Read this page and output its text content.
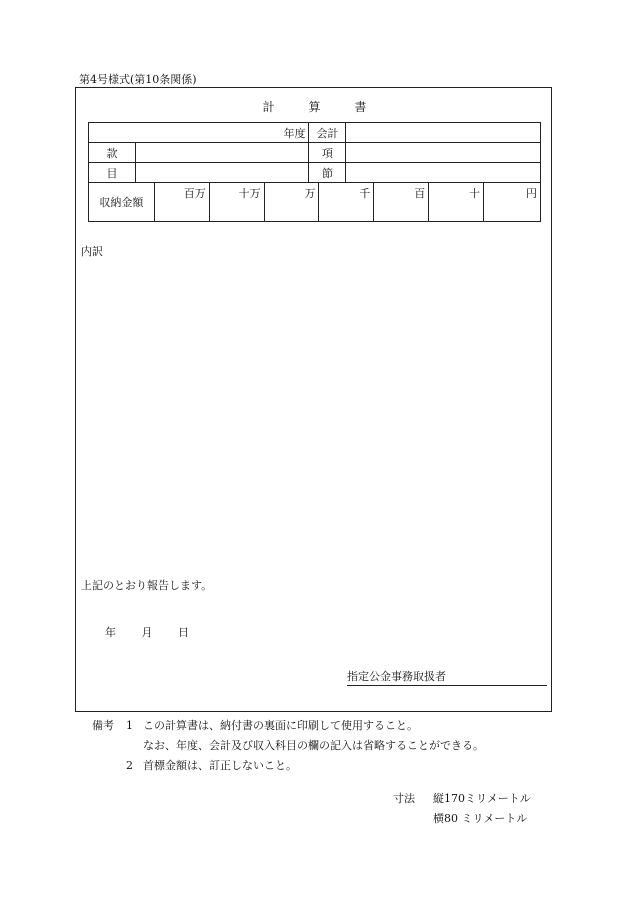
第4号様式(第10条関係)
計	算	書
年度					会計					
款					項					
目					節					
収納金額		百万	十万	万		千		百	十	円
内訳
上記のとおり報告します。
年 月 日
指定公金事務取扱者
備考	1 この計算書は、納付書の裏面に印刷して使用すること。
なお、年度、会計及び収入科目の欄の記入は省略することができる。
2 首標金額は、訂正しないこと。
寸法	縦170ミリメートル
横80 ミリメートル
